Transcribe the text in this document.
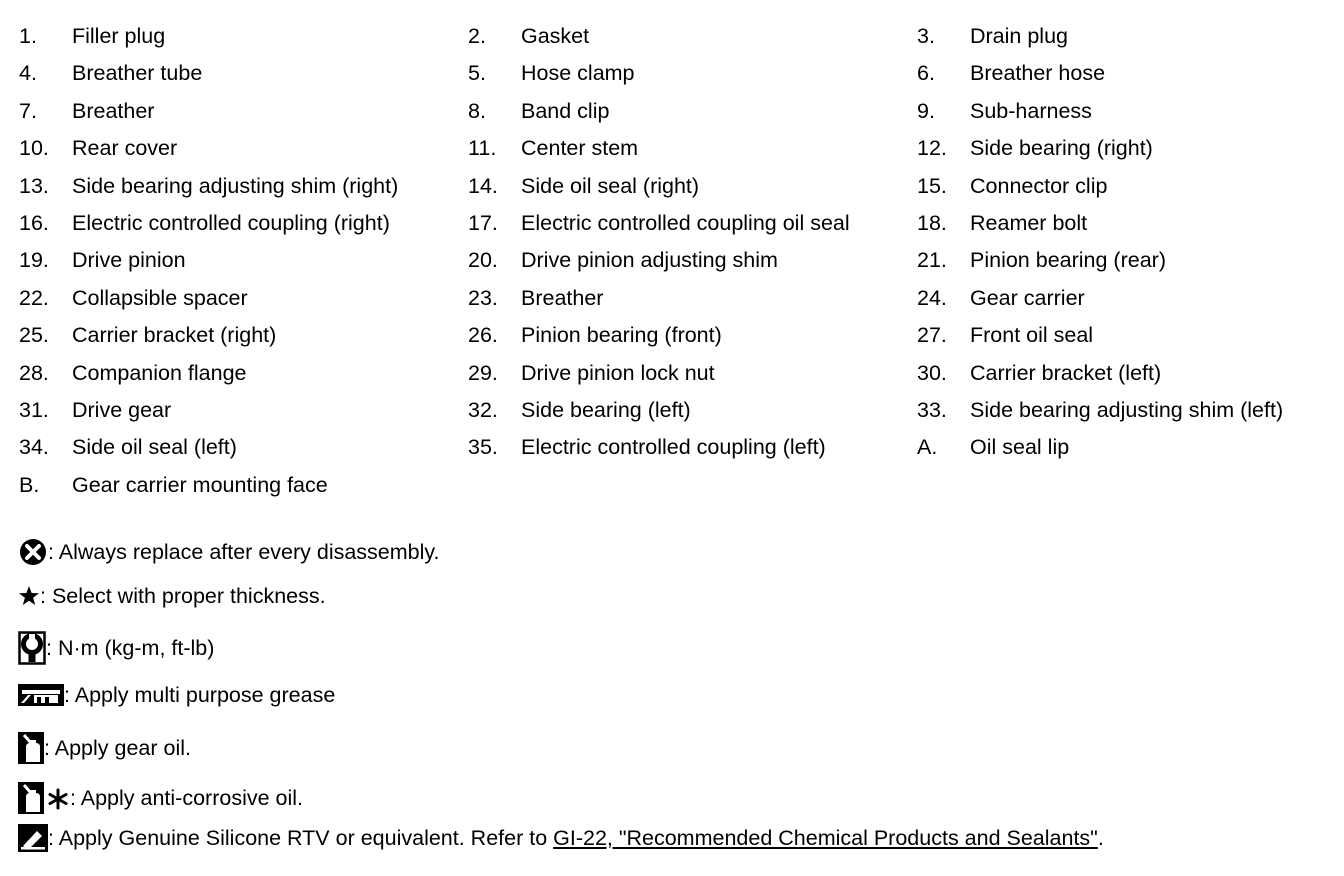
1. Filler plug	2. Gasket	3. Drain plug
4. Breather tube	5. Hose clamp	6. Breather hose
7. Breather	8. Band clip	9. Sub-harness
10. Rear cover	11. Center stem	12. Side bearing (right)
13. Side bearing adjusting shim (right)	14. Side oil seal (right)	15. Connector clip
16. Electric controlled coupling (right)	17. Electric controlled coupling oil seal	18. Reamer bolt
19. Drive pinion	20. Drive pinion adjusting shim	21. Pinion bearing (rear)
22. Collapsible spacer	23. Breather	24. Gear carrier
25. Carrier bracket (right)	26. Pinion bearing (front)	27. Front oil seal
28. Companion flange	29. Drive pinion lock nut	30. Carrier bracket (left)
31. Drive gear	32. Side bearing (left)	33. Side bearing adjusting shim (left)
34. Side oil seal (left)	35. Electric controlled coupling (left)	A. Oil seal lip
B. Gear carrier mounting face
: Always replace after every disassembly.
: Select with proper thickness.
: N·m (kg-m, ft-lb)
: Apply multi purpose grease
: Apply gear oil.
: Apply anti-corrosive oil.
: Apply Genuine Silicone RTV or equivalent. Refer to GI-22, "Recommended Chemical Products and Sealants" .
